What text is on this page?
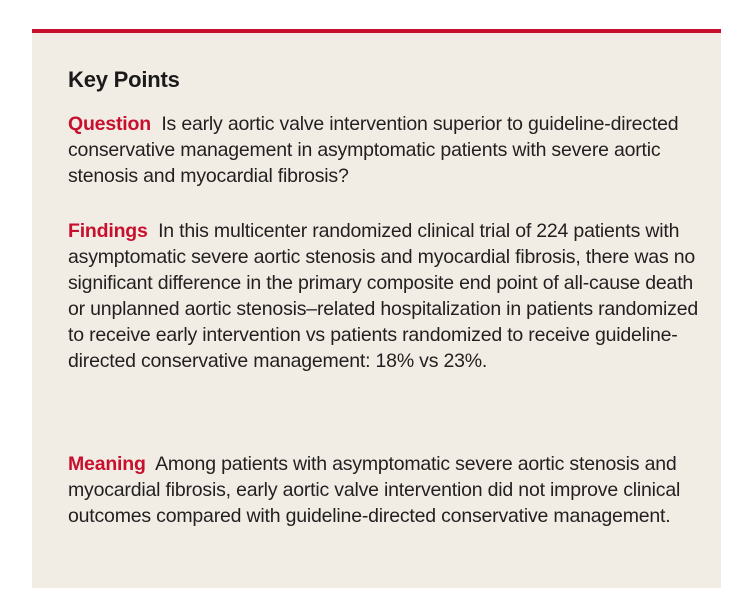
Key Points

Question Is early aortic valve intervention superior to guideline-directed conservative management in asymptomatic patients with severe aortic stenosis and myocardial fibrosis?

Findings In this multicenter randomized clinical trial of 224 patients with asymptomatic severe aortic stenosis and myocardial fibrosis, there was no significant difference in the primary composite end point of all-cause death or unplanned aortic stenosis–related hospitalization in patients randomized to receive early intervention vs patients randomized to receive guideline-directed conservative management: 18% vs 23%.

Meaning Among patients with asymptomatic severe aortic stenosis and myocardial fibrosis, early aortic valve intervention did not improve clinical outcomes compared with guideline-directed conservative management.
